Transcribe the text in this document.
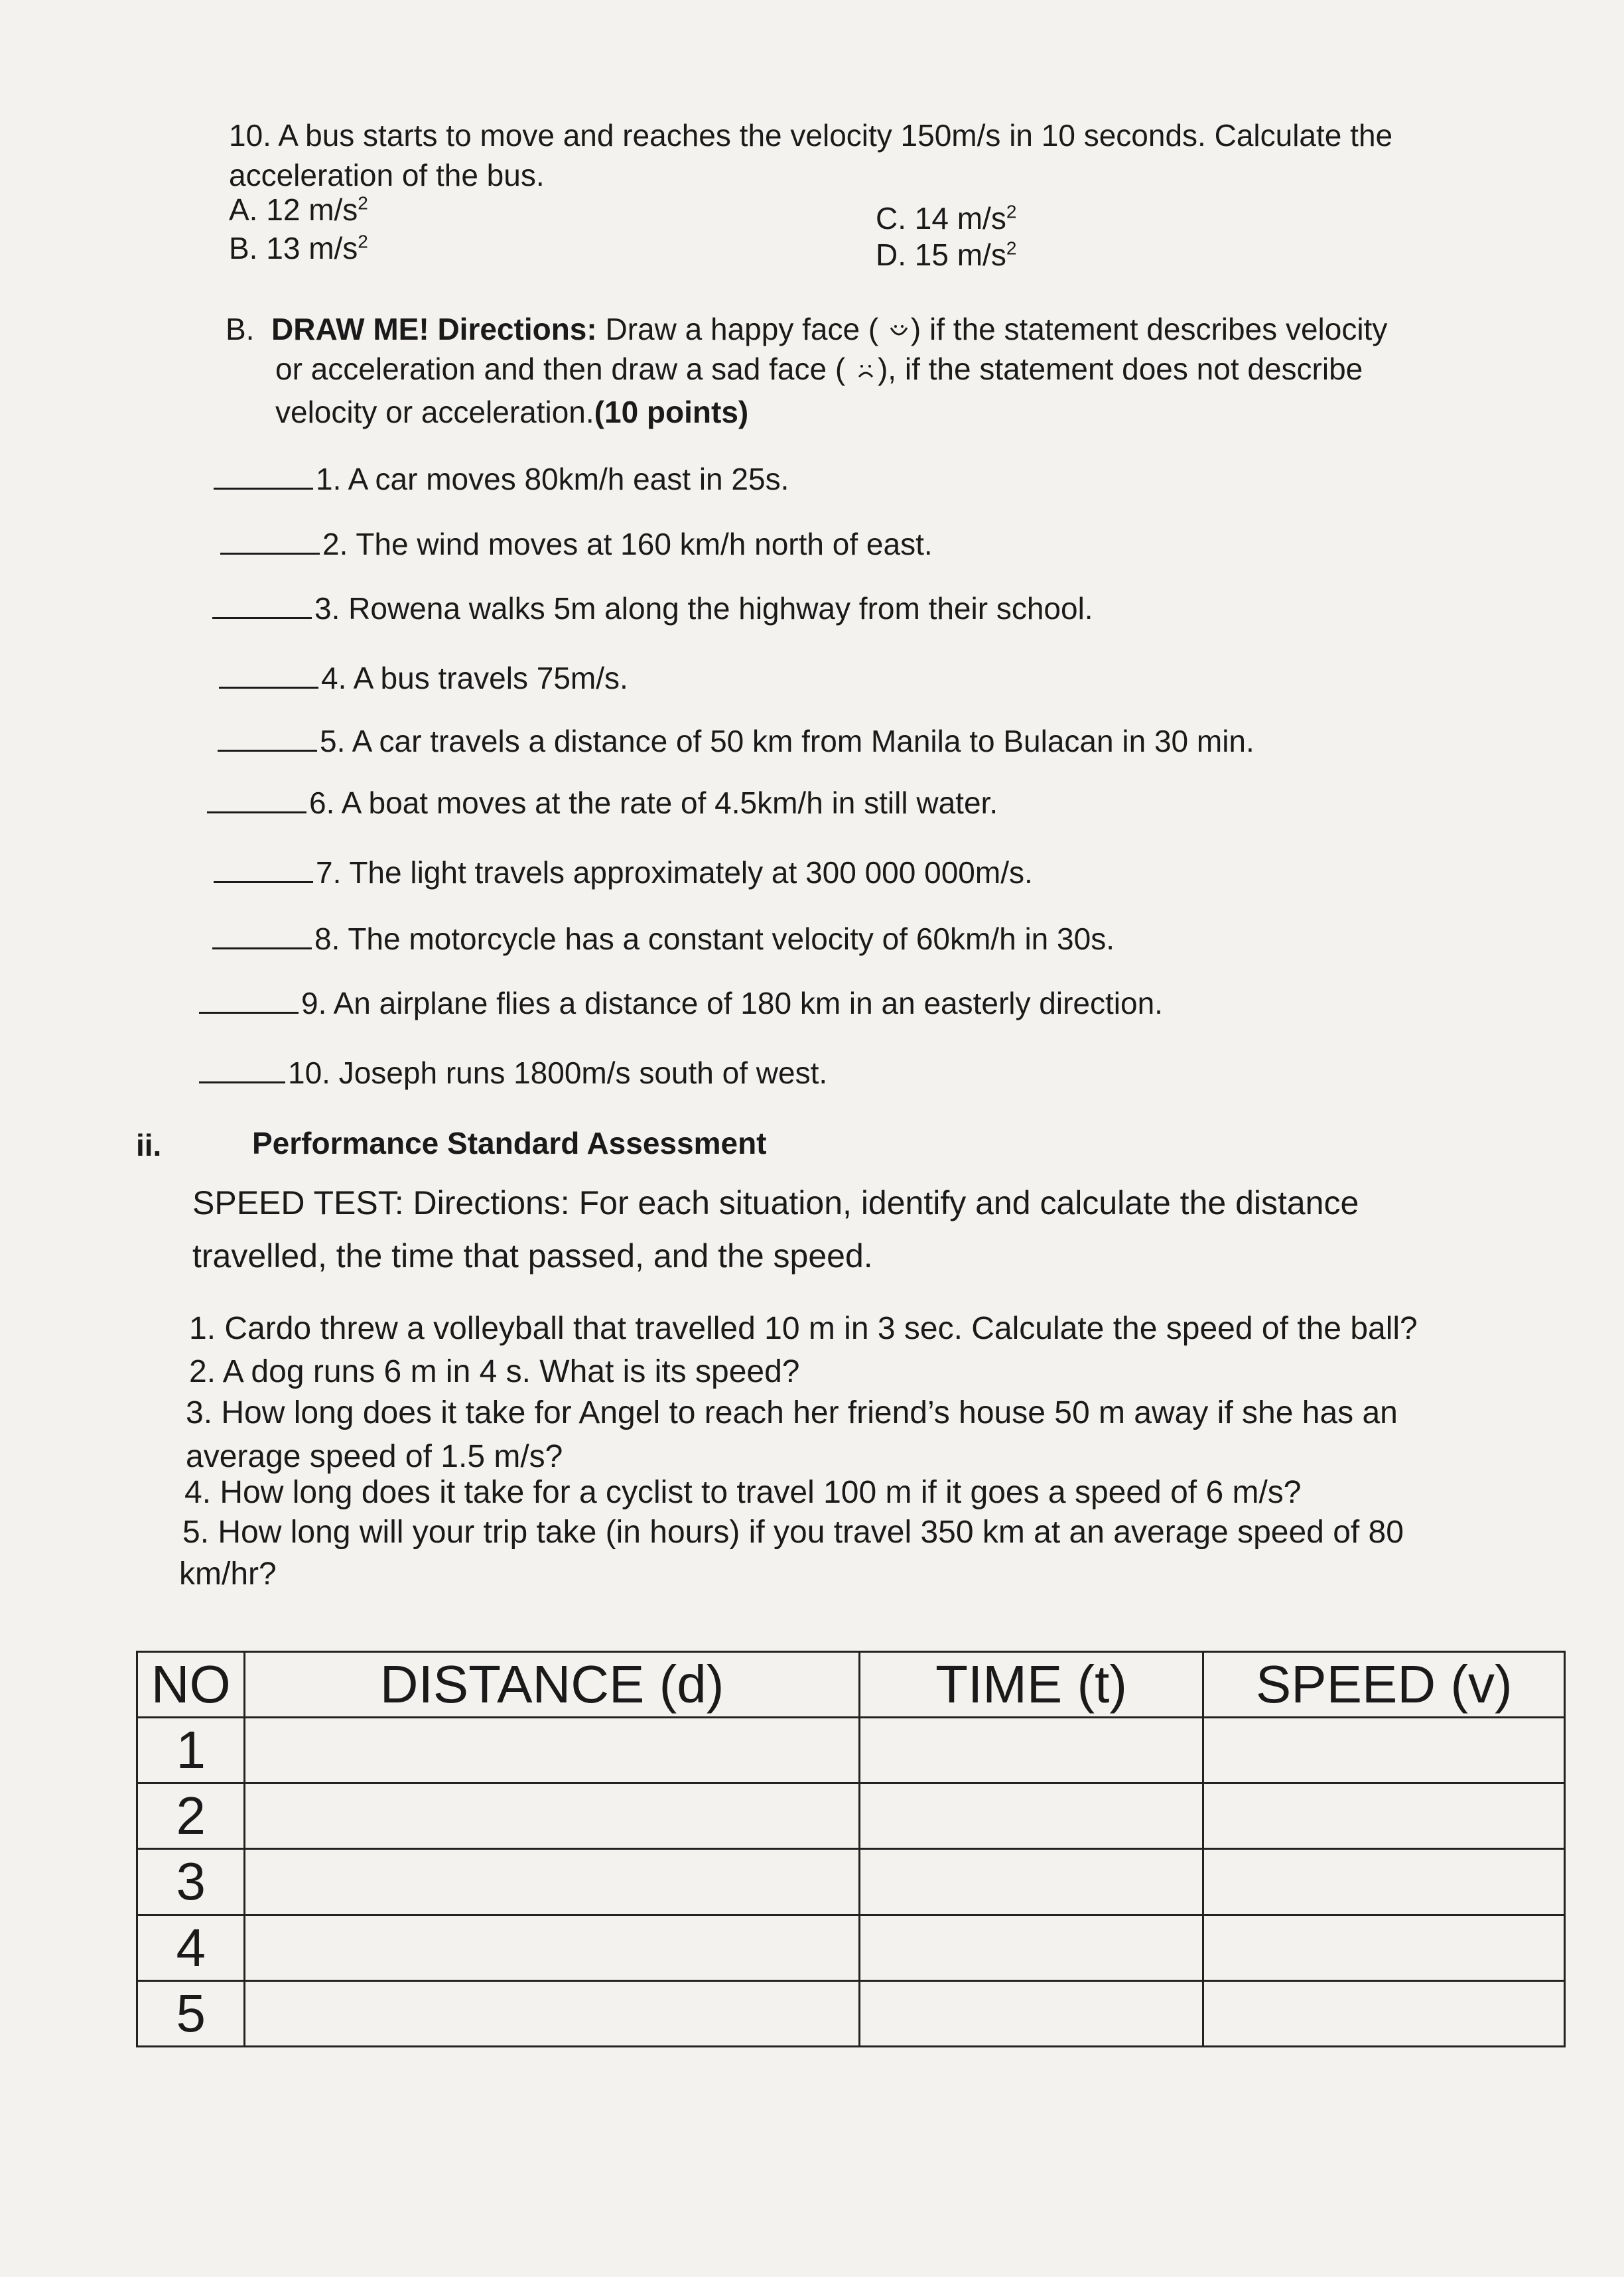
10. A bus starts to move and reaches the velocity 150m/s in 10 seconds. Calculate the
acceleration of the bus.
A. 12 $m/s^2$
B. 13 $m/s^2$
C. 14 $m/s^2$
D. 15 $m/s^2$
B. DRAW ME! Directions: Draw a happy face ( ) if the statement describes velocity
or acceleration and then draw a sad face ( ), if the statement does not describe
velocity or acceleration.(10 points)
1. A car moves 80km/h east in 25s.
2. The wind moves at 160 km/h north of east.
3. Rowena walks 5m along the highway from their school.
4. A bus travels 75m/s.
5. A car travels a distance of 50 km from Manila to Bulacan in 30 min.
6. A boat moves at the rate of 4.5km/h in still water.
7. The light travels approximately at 300 000 000m/s.
8. The motorcycle has a constant velocity of 60km/h in 30s.
9. An airplane flies a distance of 180 km in an easterly direction.
10. Joseph runs 1800m/s south of west.
ii.	Performance Standard Assessment
SPEED TEST: Directions: For each situation, identify and calculate the distance
travelled, the time that passed, and the speed.
1. Cardo threw a volleyball that travelled 10 m in 3 sec. Calculate the speed of the ball?
2. A dog runs 6 m in 4 s. What is its speed?
3. How long does it take for Angel to reach her friend’s house 50 m away if she has an
average speed of 1.5 m/s?
4. How long does it take for a cyclist to travel 100 m if it goes a speed of 6 m/s?
5. How long will your trip take (in hours) if you travel 350 km at an average speed of 80
km/hr?
NO	DISTANCE (d)	TIME (t)	SPEED (v)
1			
2			
3			
4			
5			
